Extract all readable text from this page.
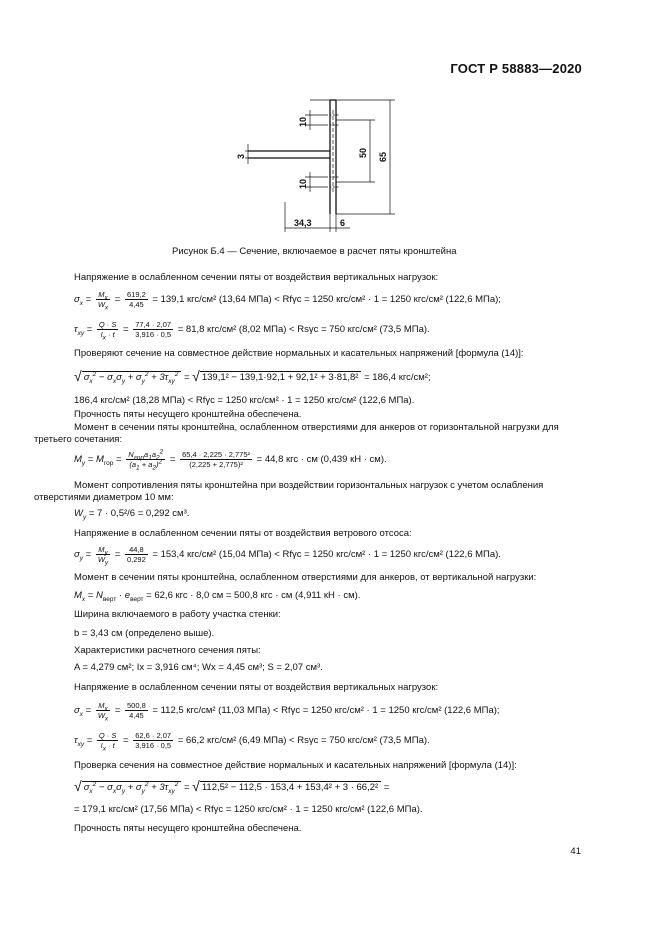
ГОСТ Р 58883—2020
10
10
50 65
3
34,3	6
Рисунок Б.4 — Сечение, включаемое в расчет пяты кронштейна
Напряжение в ослабленном сечении пяты от воздействия вертикальных нагрузок:
$\sigma_x = \frac{M_x}{W_x} = \frac{619,2}{4,45} = 139,1$ кгс/см² (13,64 МПа) < Rfγc = 1250 кгс/см² · 1 = 1250 кгс/см² (122,6 МПа);
$\tau_{xy} = \frac{Q \cdot S}{I_x \cdot t} = \frac{77,4 \cdot 2,07}{3,916 \cdot 0,5} = 81,8$ кгс/см² (8,02 МПа) < Rsγc = 750 кгс/см² (73,5 МПа).
Проверяют сечение на совместное действие нормальных и касательных напряжений [формула (14)]:
√ $\sigma_x^2 - \sigma_x\sigma_y + \sigma_y^2 + 3\tau_{xy}^2$ = √ 139,1² − 139,1·92,1 + 92,1² + 3·81,8² = 186,4 кгс/см²;
186,4 кгс/см² (18,28 МПа) < Rfγc = 1250 кгс/см² · 1 = 1250 кгс/см² (122,6 МПа).
Прочность пяты несущего кронштейна обеспечена.
Момент в сечении пяты кронштейна, ослабленном отверстиями для анкеров от горизонтальной нагрузки для
третьего сочетания:
$M_y = M_{гор} = \frac{N_{гор}a_1a_2^2}{(a_1 + a_2)^2} = \frac{\text{65,4 · 2,225 · 2,775²}}{\text{(2,225 + 2,775)²}} = 44,8$ кгс · см (0,439 кН · см).
Момент сопротивления пяты кронштейна при воздействии горизонтальных нагрузок с учетом ослабления
отверстиями диаметром 10 мм:
$W_y = 7 \cdot 0,5^2/6 = 0,292$ см³.
Напряжение в ослабленном сечении пяты от воздействия ветрового отсоса:
$\sigma_y = \frac{M_y}{W_y} = \frac{44,8}{0,292} = 153,4$ кгс/см² (15,04 МПа) < Rfγc = 1250 кгс/см² · 1 = 1250 кгс/см² (122,6 МПа).
Момент в сечении пяты кронштейна, ослабленном отверстиями для анкеров, от вертикальной нагрузки:
$M_x = N_{верт} \cdot e_{верт} = 62,6$ кгс · 8,0 см = 500,8 кгс · см (4,911 кН · см).
Ширина включаемого в работу участка стенки:
b = 3,43 см (определено выше).
Характеристики расчетного сечения пяты:
A = 4,279 см²; Ix = 3,916 см⁴; Wx = 4,45 см³; S = 2,07 см³.
Напряжение в ослабленном сечении пяты от воздействия вертикальных нагрузок:
$\sigma_x = \frac{M_x}{W_x} = \frac{500,8}{4,45} = 112,5$ кгс/см² (11,03 МПа) < Rfγc = 1250 кгс/см² · 1 = 1250 кгс/см² (122,6 МПа);
$\tau_{xy} = \frac{Q \cdot S}{I_x \cdot t} = \frac{62,6 \cdot 2,07}{3,916 \cdot 0,5} = 66,2$ кгс/см² (6,49 МПа) < Rsγc = 750 кгс/см² (73,5 МПа).
Проверка сечения на совместное действие нормальных и касательных напряжений [формула (14)]:
√ $\sigma_x^2 - \sigma_x\sigma_y + \sigma_y^2 + 3\tau_{xy}^2$ = √ 112,5² − 112,5 · 153,4 + 153,4² + 3 · 66,2² =
= 179,1 кгс/см² (17,56 МПа) < Rfγc = 1250 кгс/см² · 1 = 1250 кгс/см² (122,6 МПа).
Прочность пяты несущего кронштейна обеспечена.
41
